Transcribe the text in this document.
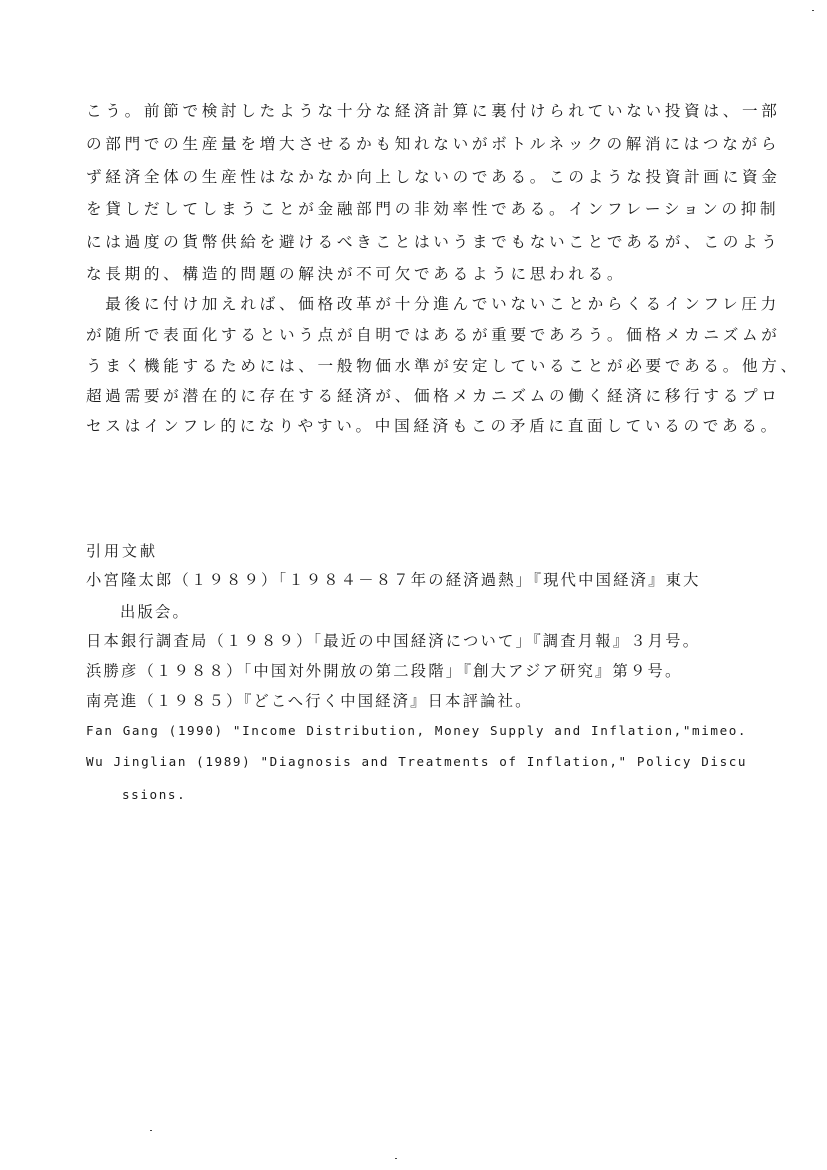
こう。前節で検討したような十分な経済計算に裏付けられていない投資は、一部
の部門での生産量を増大させるかも知れないがボトルネックの解消にはつながら
ず経済全体の生産性はなかなか向上しないのである。このような投資計画に資金
を貸しだしてしまうことが金融部門の非効率性である。インフレーションの抑制
には過度の貨幣供給を避けるべきことはいうまでもないことであるが、このよう
な長期的、構造的問題の解決が不可欠であるように思われる。
　最後に付け加えれば、価格改革が十分進んでいないことからくるインフレ圧力
が随所で表面化するという点が自明ではあるが重要であろう。価格メカニズムが
うまく機能するためには、一般物価水準が安定していることが必要である。他方、
超過需要が潜在的に存在する経済が、価格メカニズムの働く経済に移行するプロ
セスはインフレ的になりやすい。中国経済もこの矛盾に直面しているのである。
引用文献
小宮隆太郎（１９８９）「１９８４－８７年の経済過熱」『現代中国経済』東大
出版会。
日本銀行調査局（１９８９）「最近の中国経済について」『調査月報』３月号。
浜勝彦（１９８８）「中国対外開放の第二段階」『創大アジア研究』第９号。
南亮進（１９８５）『どこへ行く中国経済』日本評論社。
Fan Gang (1990) "Income Distribution, Money Supply and Inflation,"mimeo.
Wu Jinglian (1989) "Diagnosis and Treatments of Inflation," Policy Discu
ssions.
